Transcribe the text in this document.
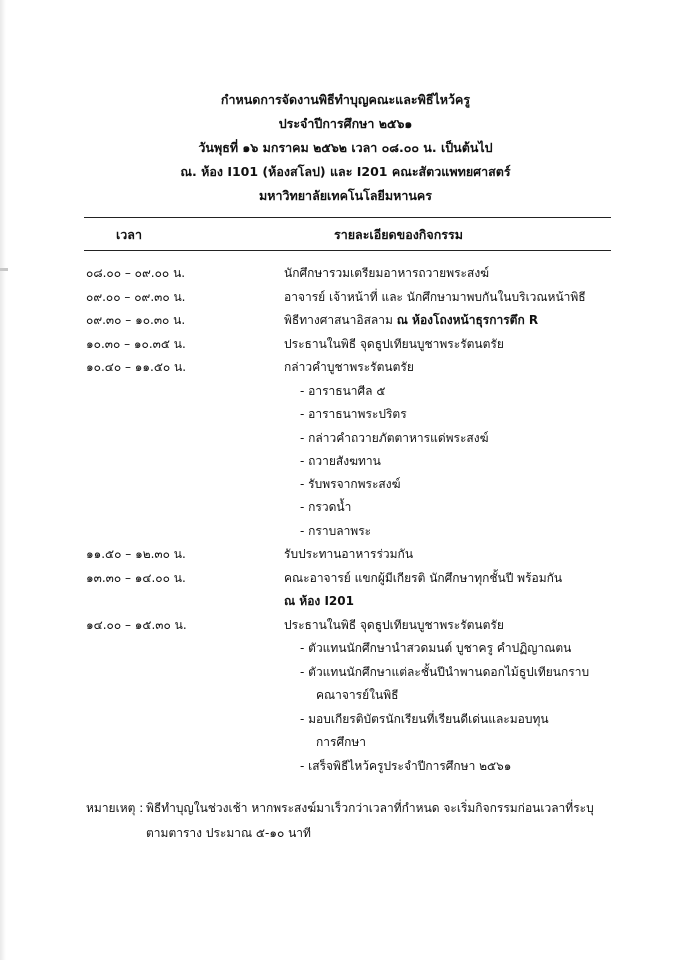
กำหนดการจัดงานพิธีทำบุญคณะและพิธีไหว้ครู
ประจำปีการศึกษา ๒๕๖๑
วันพุธที่ ๑๖ มกราคม ๒๕๖๒ เวลา ๐๘.๐๐ น. เป็นต้นไป
ณ. ห้อง I101 (ห้องสโลป) และ I201 คณะสัตวแพทยศาสตร์
มหาวิทยาลัยเทคโนโลยีมหานคร
เวลา	รายละเอียดของกิจกรรม
๐๘.๐๐ – ๐๙.๐๐ น.	นักศึกษารวมเตรียมอาหารถวายพระสงฆ์
๐๙.๐๐ – ๐๙.๓๐ น.	อาจารย์ เจ้าหน้าที่ และ นักศึกษามาพบกันในบริเวณหน้าพิธี
๐๙.๓๐ – ๑๐.๓๐ น.	พิธีทางศาสนาอิสลาม ณ ห้องโถงหน้าธุรการตึก R
๑๐.๓๐ – ๑๐.๓๕ น.	ประธานในพิธี จุดธูปเทียนบูชาพระรัตนตรัย
๑๐.๔๐ – ๑๑.๕๐ น.	กล่าวคำบูชาพระรัตนตรัย
- อาราธนาศีล ๕
- อาราธนาพระปริตร
- กล่าวคำถวายภัตตาหารแด่พระสงฆ์
- ถวายสังฆทาน
- รับพรจากพระสงฆ์
- กรวดน้ำ
- กราบลาพระ
๑๑.๕๐ – ๑๒.๓๐ น.	รับประทานอาหารร่วมกัน
๑๓.๓๐ – ๑๔.๐๐ น.	คณะอาจารย์ แขกผู้มีเกียรติ นักศึกษาทุกชั้นปี พร้อมกัน
ณ ห้อง I201
๑๔.๐๐ – ๑๕.๓๐ น.	ประธานในพิธี จุดธูปเทียนบูชาพระรัตนตรัย
- ตัวแทนนักศึกษานำสวดมนต์ บูชาครู คำปฏิญาณตน
- ตัวแทนนักศึกษาแต่ละชั้นปีนำพานดอกไม้ธูปเทียนกราบ
คณาจารย์ในพิธี
- มอบเกียรติบัตรนักเรียนที่เรียนดีเด่นและมอบทุน
การศึกษา
- เสร็จพิธีไหว้ครูประจำปีการศึกษา ๒๕๖๑
หมายเหตุ : พิธีทำบุญในช่วงเช้า หากพระสงฆ์มาเร็วกว่าเวลาที่กำหนด จะเริ่มกิจกรรมก่อนเวลาที่ระบุ
ตามตาราง ประมาณ ๕-๑๐ นาที
